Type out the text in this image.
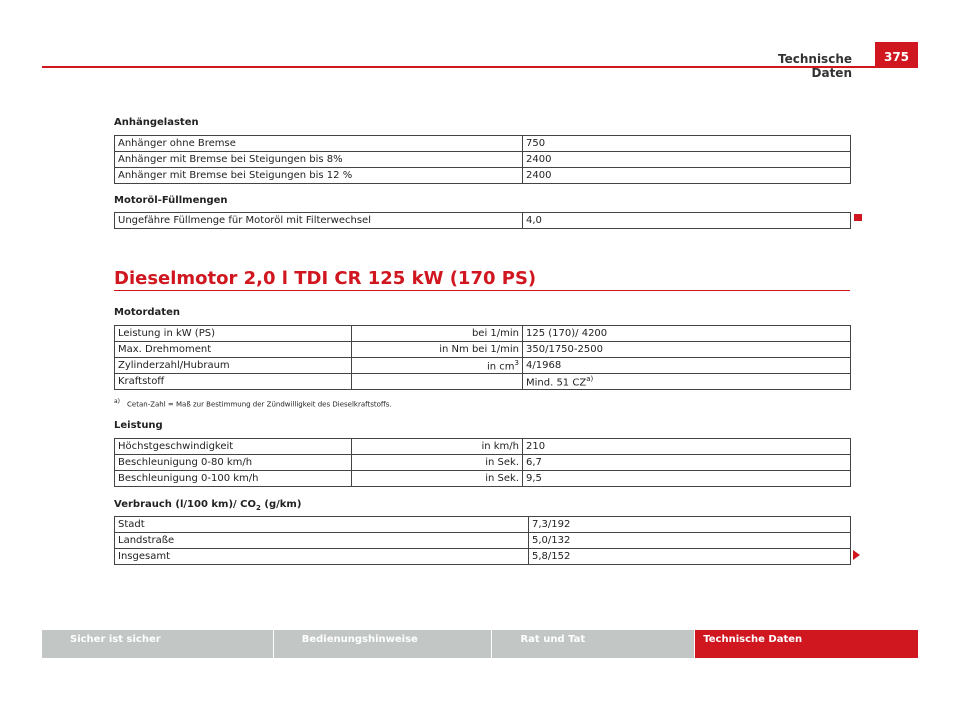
Technische Daten
375
Anhängelasten
Anhänger ohne Bremse	750
Anhänger mit Bremse bei Steigungen bis 8%	2400
Anhänger mit Bremse bei Steigungen bis 12 %	2400
Motoröl-Füllmengen
Ungefähre Füllmenge für Motoröl mit Filterwechsel	4,0
Dieselmotor 2,0 l TDI CR 125 kW (170 PS)
Motordaten
Leistung in kW (PS)	bei 1/min	125 (170)/ 4200
Max. Drehmoment	in Nm bei 1/min	350/1750-2500
Zylinderzahl/Hubraum	in $cm^3$	4/1968
Kraftstoff		Mind. 51 CZ$^{a)}$
$^{a)}$ Cetan-Zahl = Maß zur Bestimmung der Zündwilligkeit des Dieselkraftstoffs.
Leistung
Höchstgeschwindigkeit	in km/h	210
Beschleunigung 0-80 km/h	in Sek.	6,7
Beschleunigung 0-100 km/h	in Sek.	9,5
Verbrauch (l/100 km)/ $CO_2$ (g/km)
Stadt	7,3/192
Landstraße	5,0/132
Insgesamt	5,8/152
Sicher ist sicher	Bedienungshinweise	Rat und Tat	Technische Daten
